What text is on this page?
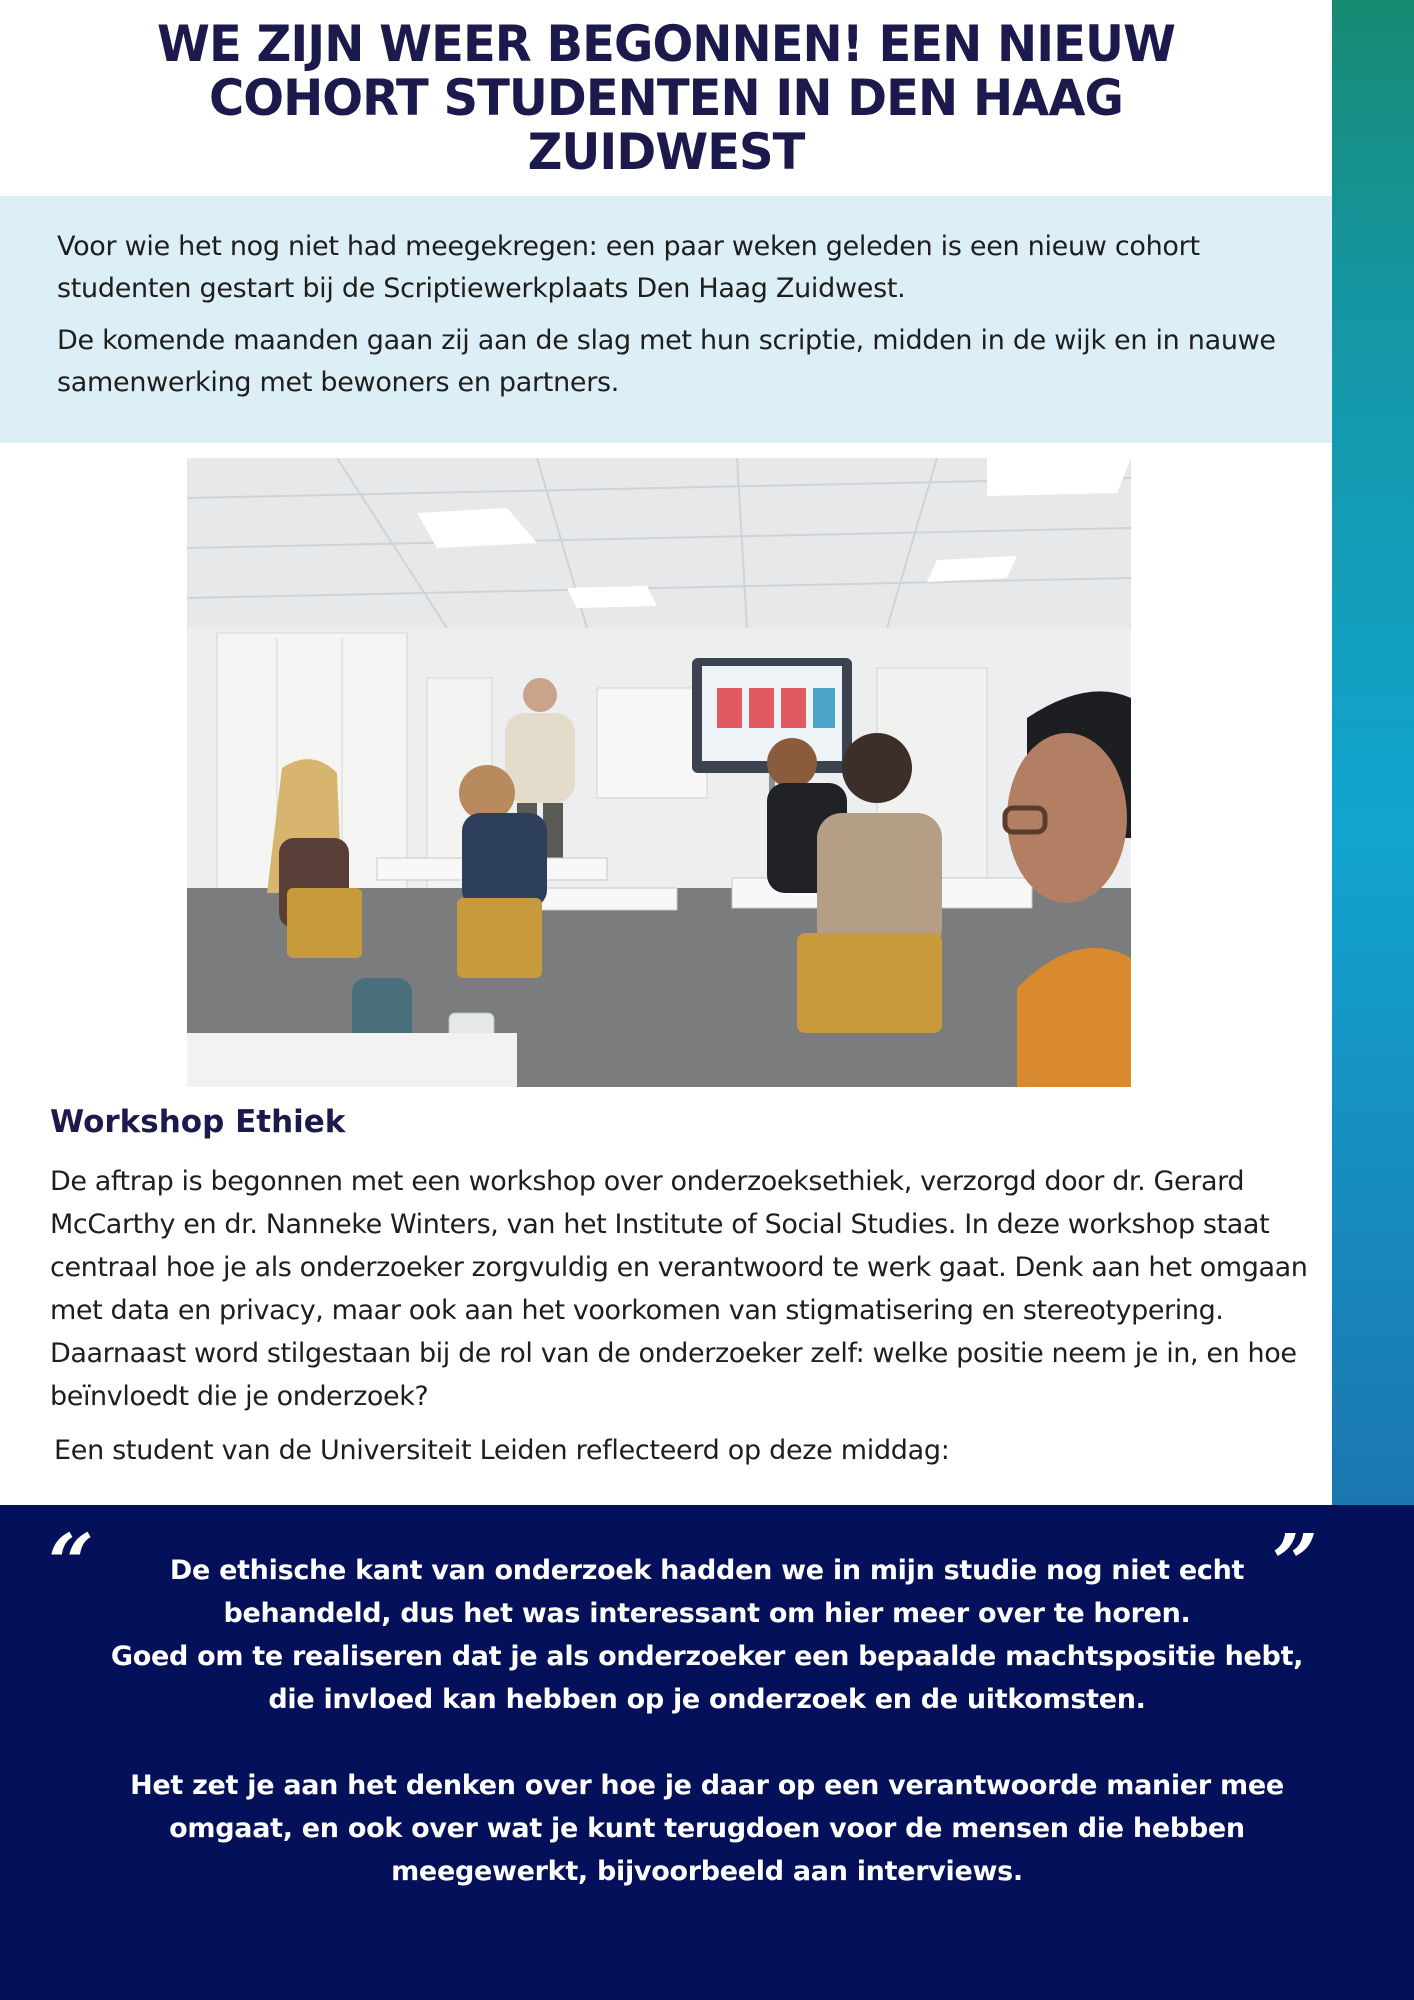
WE ZIJN WEER BEGONNEN! EEN NIEUW
COHORT STUDENTEN IN DEN HAAG ZUIDWEST

Voor wie het nog niet had meegekregen: een paar weken geleden is een nieuw cohort studenten gestart bij de Scriptiewerkplaats Den Haag Zuidwest.

De komende maanden gaan zij aan de slag met hun scriptie, midden in de wijk en in nauwe samenwerking met bewoners en partners.

Workshop Ethiek

De aftrap is begonnen met een workshop over onderzoeksethiek, verzorgd door dr. Gerard McCarthy en dr. Nanneke Winters, van het Institute of Social Studies. In deze workshop staat centraal hoe je als onderzoeker zorgvuldig en verantwoord te werk gaat. Denk aan het omgaan met data en privacy, maar ook aan het voorkomen van stigmatisering en stereotypering. Daarnaast word stilgestaan bij de rol van de onderzoeker zelf: welke positie neem je in, en hoe beïnvloedt die je onderzoek?

Een student van de Universiteit Leiden reflecteerd op deze middag:

“	”

De ethische kant van onderzoek hadden we in mijn studie nog niet echt behandeld, dus het was interessant om hier meer over te horen.
Goed om te realiseren dat je als onderzoeker een bepaalde machtspositie hebt, die invloed kan hebben op je onderzoek en de uitkomsten.
Het zet je aan het denken over hoe je daar op een verantwoorde manier mee omgaat, en ook over wat je kunt terugdoen voor de mensen die hebben meegewerkt, bijvoorbeeld aan interviews.
